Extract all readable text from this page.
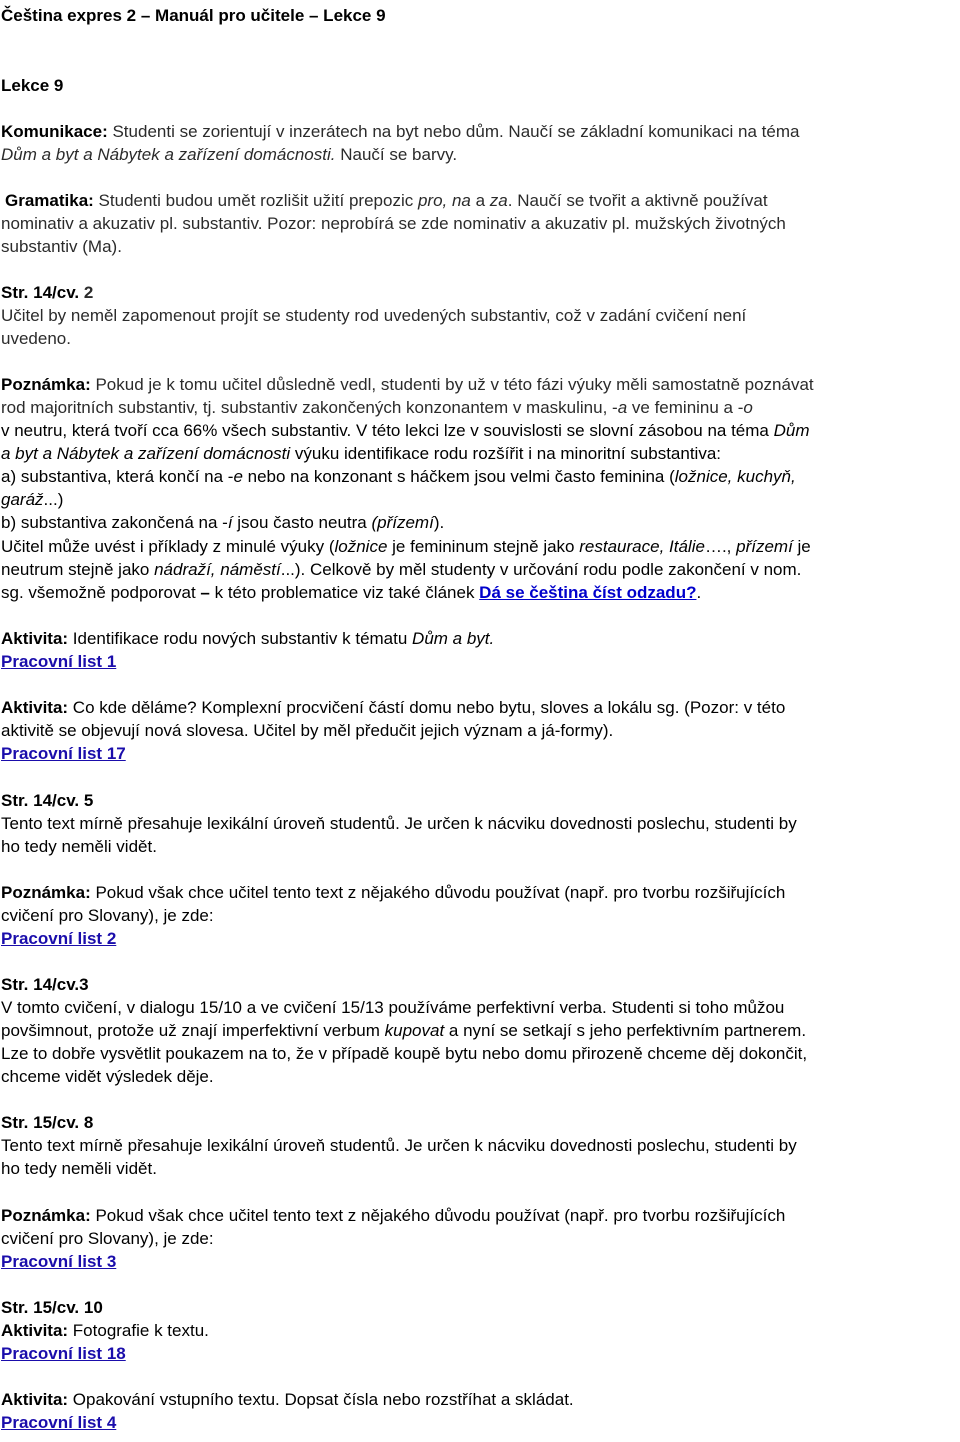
Čeština expres 2 – Manuál pro učitele – Lekce 9
Lekce 9
Komunikace: Studenti se zorientují v inzerátech na byt nebo dům. Naučí se základní komunikaci na téma
Dům a byt a Nábytek a zařízení domácnosti. Naučí se barvy.
Gramatika: Studenti budou umět rozlišit užití prepozic pro, na a za. Naučí se tvořit a aktivně používat
nominativ a akuzativ pl. substantiv. Pozor: neprobírá se zde nominativ a akuzativ pl. mužských životných
substantiv (Ma).
Str. 14/cv. 2
Učitel by neměl zapomenout projít se studenty rod uvedených substantiv, což v zadání cvičení není
uvedeno.
Poznámka: Pokud je k tomu učitel důsledně vedl, studenti by už v této fázi výuky měli samostatně poznávat
rod majoritních substantiv, tj. substantiv zakončených konzonantem v maskulinu, -a ve femininu a -o
v neutru, která tvoří cca 66% všech substantiv. V této lekci lze v souvislosti se slovní zásobou na téma Dům
a byt a Nábytek a zařízení domácnosti výuku identifikace rodu rozšířit i na minoritní substantiva:
a) substantiva, která končí na -e nebo na konzonant s háčkem jsou velmi často feminina (ložnice, kuchyň,
garáž...)
b) substantiva zakončená na -í jsou často neutra (přízemí).
Učitel může uvést i příklady z minulé výuky (ložnice je femininum stejně jako restaurace, Itálie…., přízemí je
neutrum stejně jako nádraží, náměstí...). Celkově by měl studenty v určování rodu podle zakončení v nom.
sg. všemožně podporovat – k této problematice viz také článek Dá se čeština číst odzadu?.
Aktivita: Identifikace rodu nových substantiv k tématu Dům a byt.
Pracovní list 1
Aktivita: Co kde děláme? Komplexní procvičení částí domu nebo bytu, sloves a lokálu sg. (Pozor: v této
aktivitě se objevují nová slovesa. Učitel by měl předučit jejich význam a já-formy).
Pracovní list 17
Str. 14/cv. 5
Tento text mírně přesahuje lexikální úroveň studentů. Je určen k nácviku dovednosti poslechu, studenti by
ho tedy neměli vidět.
Poznámka: Pokud však chce učitel tento text z nějakého důvodu používat (např. pro tvorbu rozšiřujících
cvičení pro Slovany), je zde:
Pracovní list 2
Str. 14/cv.3
V tomto cvičení, v dialogu 15/10 a ve cvičení 15/13 používáme perfektivní verba. Studenti si toho můžou
povšimnout, protože už znají imperfektivní verbum kupovat a nyní se setkají s jeho perfektivním partnerem.
Lze to dobře vysvětlit poukazem na to, že v případě koupě bytu nebo domu přirozeně chceme děj dokončit,
chceme vidět výsledek děje.
Str. 15/cv. 8
Tento text mírně přesahuje lexikální úroveň studentů. Je určen k nácviku dovednosti poslechu, studenti by
ho tedy neměli vidět.
Poznámka: Pokud však chce učitel tento text z nějakého důvodu používat (např. pro tvorbu rozšiřujících
cvičení pro Slovany), je zde:
Pracovní list 3
Str. 15/cv. 10
Aktivita: Fotografie k textu.
Pracovní list 18
Aktivita: Opakování vstupního textu. Dopsat čísla nebo rozstříhat a skládat.
Pracovní list 4
